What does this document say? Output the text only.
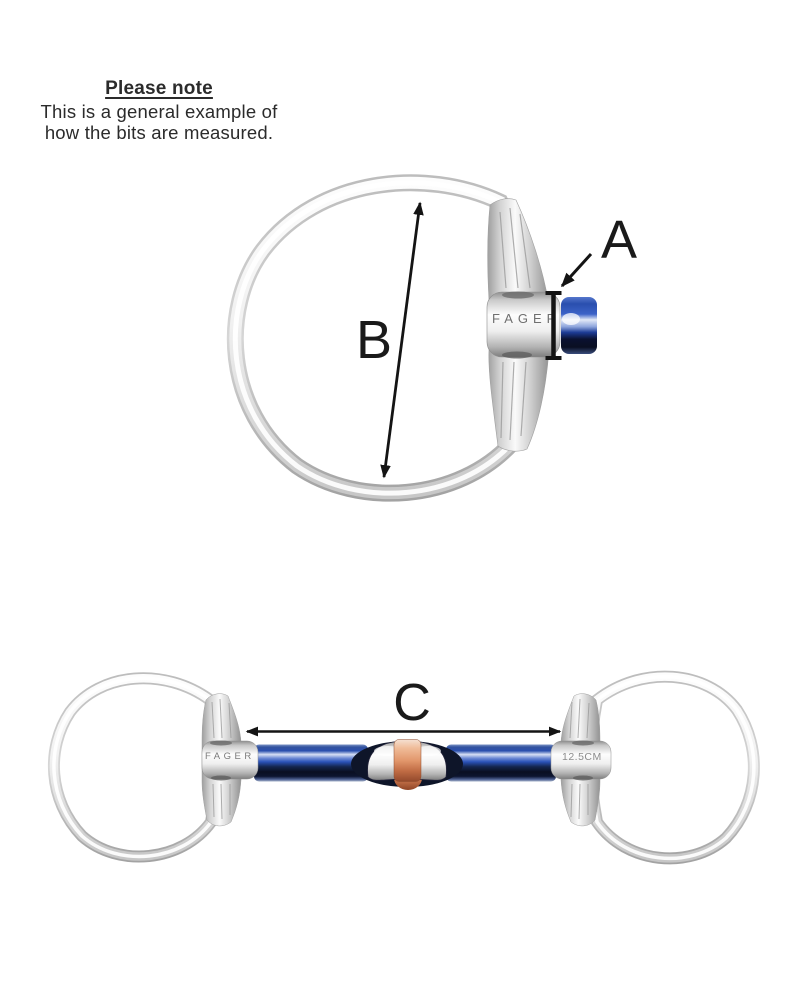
Please note
This is a general example of
how the bits are measured.
FAGER
A
B
FAGER	12.5CM
C
